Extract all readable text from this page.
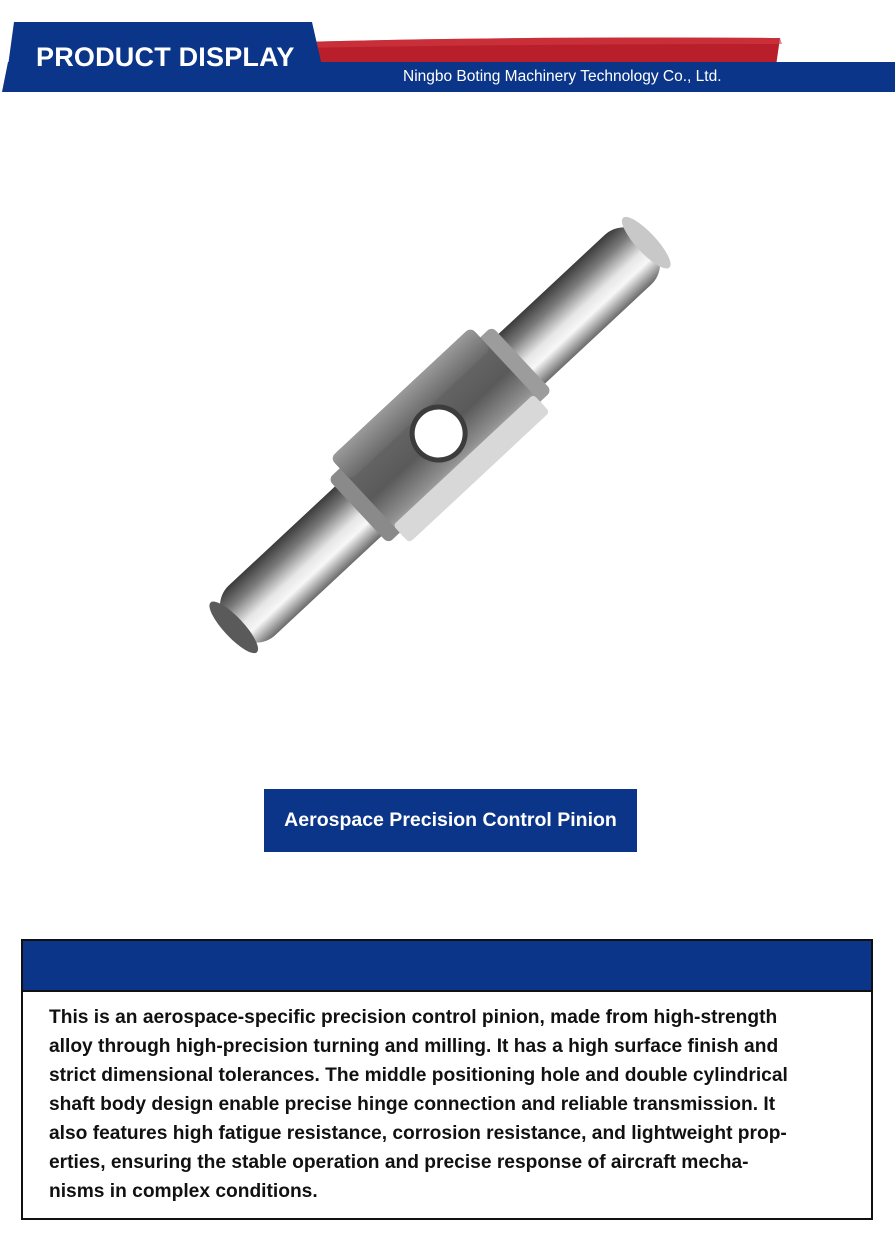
PRODUCT DISPLAY
Ningbo Boting Machinery Technology Co., Ltd.
Aerospace Precision Control Pinion
This is an aerospace-specific precision control pinion, made from high-strength
alloy through high-precision turning and milling. It has a high surface finish and
strict dimensional tolerances. The middle positioning hole and double cylindrical
shaft body design enable precise hinge connection and reliable transmission. It
also features high fatigue resistance, corrosion resistance, and lightweight prop-
erties, ensuring the stable operation and precise response of aircraft mecha-
nisms in complex conditions.
